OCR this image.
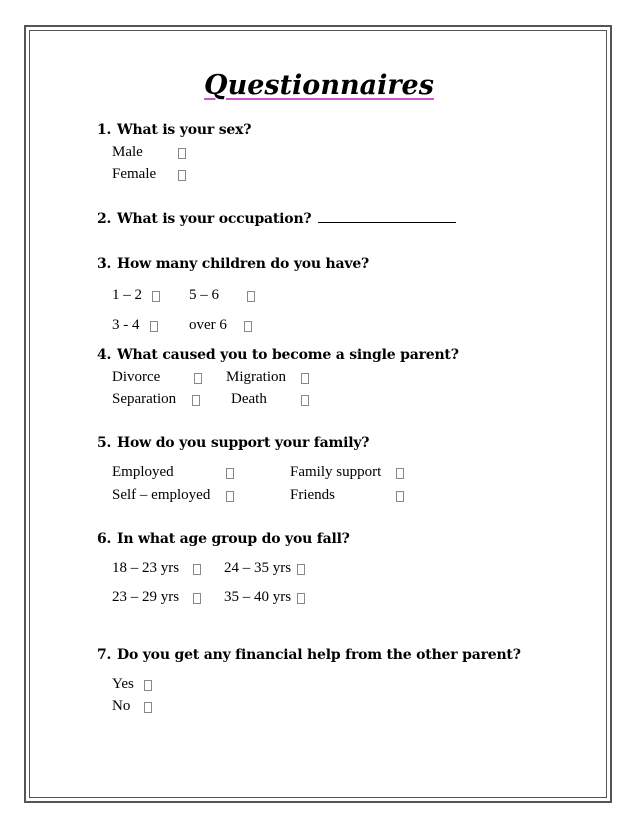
Questionnaires
1. What is your sex?
Male
Female
2. What is your occupation?
3. How many children do you have?
1 – 2	5 – 6
3 - 4	over 6
4. What caused you to become a single parent?
Divorce	Migration
Separation	Death
5. How do you support your family?
Employed	Family support
Self – employed	Friends
6. In what age group do you fall?
18 – 23 yrs	24 – 35 yrs
23 – 29 yrs	35 – 40 yrs
7. Do you get any financial help from the other parent?
Yes
No
